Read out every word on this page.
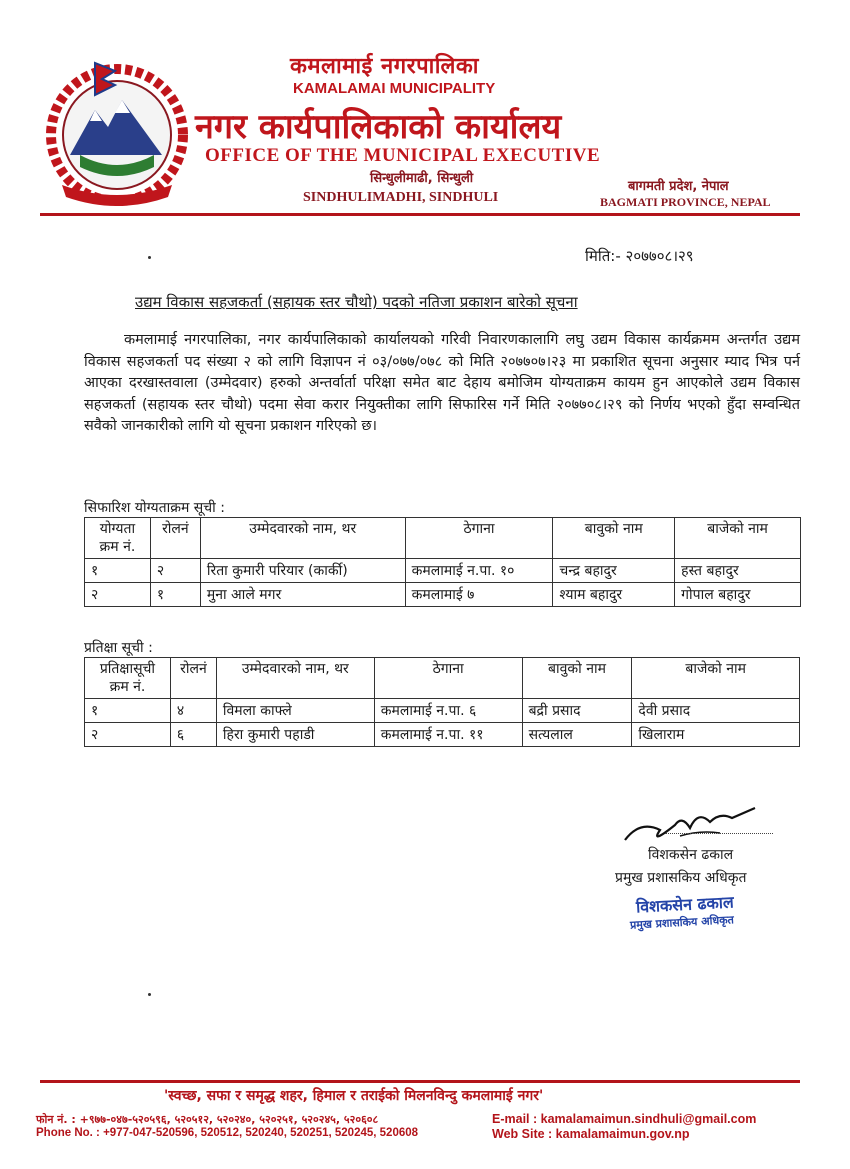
कमलामाई नगरपालिका
KAMALAMAI MUNICIPALITY
नगर कार्यपालिकाको कार्यालय
OFFICE OF THE MUNICIPAL EXECUTIVE
सिन्धुलीमाढी, सिन्धुली
SINDHULIMADHI, SINDHULI
बागमती प्रदेश, नेपाल
BAGMATI PROVINCE, NEPAL
मिति:- २०७७०८।२९
उद्यम विकास सहजकर्ता (सहायक स्तर चौथो) पदको नतिजा प्रकाशन बारेको सूचना

कमलामाई नगरपालिका, नगर कार्यपालिकाको कार्यालयको गरिवी निवारणकालागि लघु उद्यम विकास कार्यक्रमम अन्तर्गत उद्यम विकास सहजकर्ता पद संख्या २ को लागि विज्ञापन नं ०३/०७७/०७८ को मिति २०७७०७।२३ मा प्रकाशित सूचना अनुसार म्याद भित्र पर्न आएका दरखास्तवाला (उम्मेदवार) हरुको अन्तर्वार्ता परिक्षा समेत बाट देहाय बमोजिम योग्यताक्रम कायम हुन आएकोले उद्यम विकास सहजकर्ता (सहायक स्तर चौथो) पदमा सेवा करार नियुक्तीका लागि सिफारिस गर्ने मिति २०७७०८।२९ को निर्णय भएको हुँदा सम्वन्धित सवैको जानकारीको लागि यो सूचना प्रकाशन गरिएको छ।

सिफारिश योग्यताक्रम सूची :
योग्यता क्रम नं.	रोलनं	उम्मेदवारको नाम, थर	ठेगाना	बावुको नाम	बाजेको नाम
१	२	रिता कुमारी परियार (कार्की)	कमलामाई न.पा. १०	चन्द्र बहादुर	हस्त बहादुर
२	१	मुना आले मगर	कमलामाई ७	श्याम बहादुर	गोपाल बहादुर
प्रतिक्षा सूची :
प्रतिक्षासूची क्रम नं.	रोलनं	उम्मेदवारको नाम, थर	ठेगाना	बावुको नाम	बाजेको नाम
१	४	विमला काफ्ले	कमलामाई न.पा. ६	बद्री प्रसाद	देवी प्रसाद
२	६	हिरा कुमारी पहाडी	कमलामाई न.पा. ११	सत्यलाल	खिलाराम
विशकसेन ढकाल
प्रमुख प्रशासकिय अधिकृत
विशकसेन ढकाल
प्रमुख प्रशासकिय अधिकृत
'स्वच्छ, सफा र समृद्ध शहर, हिमाल र तराईको मिलनविन्दु कमलामाई नगर'
फोन नं. : +९७७-०४७-५२०५९६, ५२०५१२, ५२०२४०, ५२०२५१, ५२०२४५, ५२०६०८
Phone No. : +977-047-520596, 520512, 520240, 520251, 520245, 520608
E-mail : kamalamaimun.sindhuli@gmail.com
Web Site : kamalamaimun.gov.np
